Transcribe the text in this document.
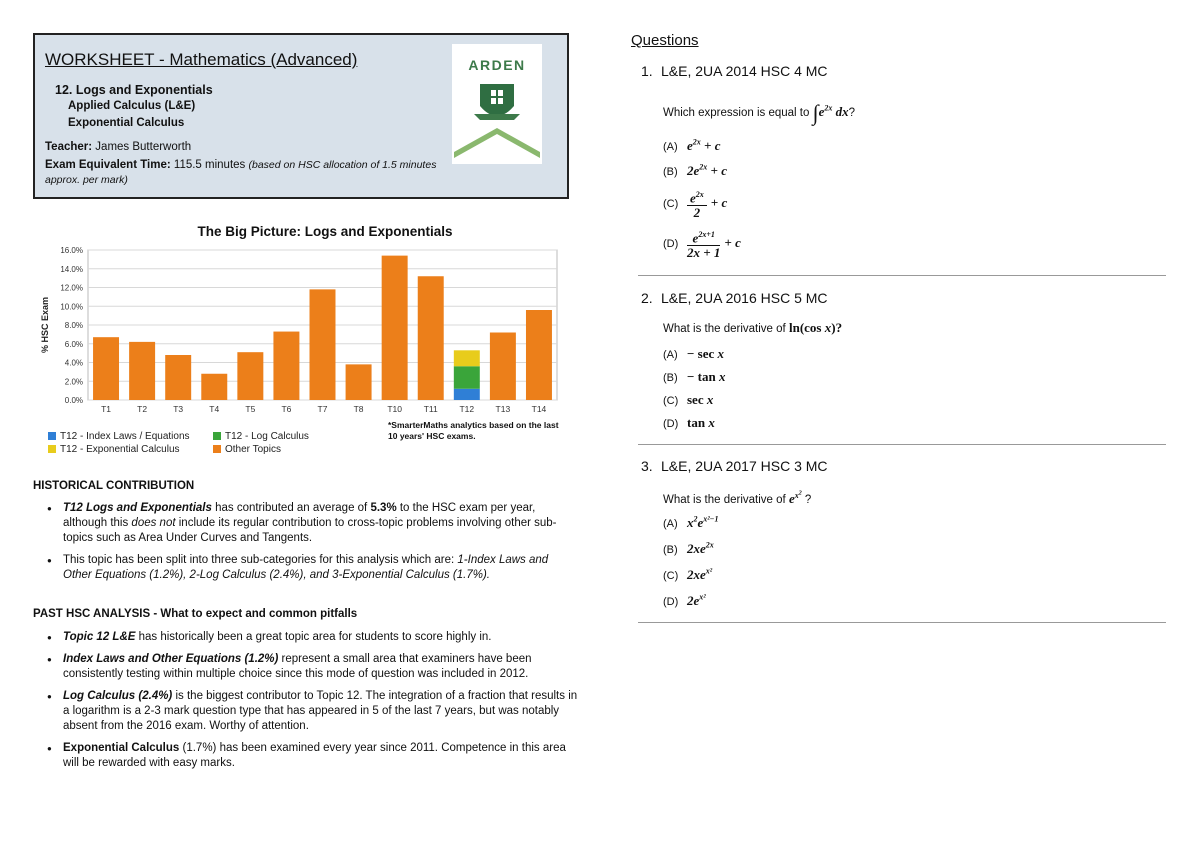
WORKSHEET - Mathematics (Advanced)
12. Logs and Exponentials
Applied Calculus (L&E)
Exponential Calculus
Teacher: James Butterworth
Exam Equivalent Time: 115.5 minutes (based on HSC allocation of 1.5 minutes approx. per mark)
ARDEN
The Big Picture: Logs and Exponentials
0.0%
2.0%
4.0%
6.0%
8.0%
10.0%
12.0%
14.0%
16.0%
% HSC Exam
T1	T2	T3	T4	T5	T6	T7	T8	T10	T11	T12	T13	T14
T12 - Index Laws / Equations	T12 - Log Calculus
T12 - Exponential Calculus	Other Topics
*SmarterMaths analytics based on the last 10 years' HSC exams.
HISTORICAL CONTRIBUTION
● T12 Logs and Exponentials has contributed an average of 5.3% to the HSC exam per year, although this does not include its regular contribution to cross-topic problems involving other sub-topics such as Area Under Curves and Tangents.
● This topic has been split into three sub-categories for this analysis which are: 1-Index Laws and Other Equations (1.2%), 2-Log Calculus (2.4%), and 3-Exponential Calculus (1.7%).
PAST HSC ANALYSIS - What to expect and common pitfalls
● Topic 12 L&E has historically been a great topic area for students to score highly in.
● Index Laws and Other Equations (1.2%) represent a small area that examiners have been consistently testing within multiple choice since this mode of question was included in 2012.
● Log Calculus (2.4%) is the biggest contributor to Topic 12. The integration of a fraction that results in a logarithm is a 2-3 mark question type that has appeared in 5 of the last 7 years, but was notably absent from the 2016 exam. Worthy of attention.
● Exponential Calculus (1.7%) has been examined every year since 2011. Competence in this area will be rewarded with easy marks.
Questions
1. L&E, 2UA 2014 HSC 4 MC
Which expression is equal to $\int e^{2x}$ dx?
(A) $e^{2x} + c$
(B) $2e^{2x} + c$
$(C) \frac{e^{2x}}{2} + c$
$(D) \frac{e^{2x+1}}{2x + 1} + c$
2. L&E, 2UA 2016 HSC 5 MC
What is the derivative of ln(cos x)?
(A) − sec x
(B) − tan x
(C) sec x
(D) tan x
3. L&E, 2UA 2017 HSC 3 MC
What is the derivative of $e^{x^2}$ ?
(A) $x^2e^{x^2-1}$
(B) $2xe^{2x}$
(C) $2xe^{x^2}$
(D) $2e^{x^2}$
